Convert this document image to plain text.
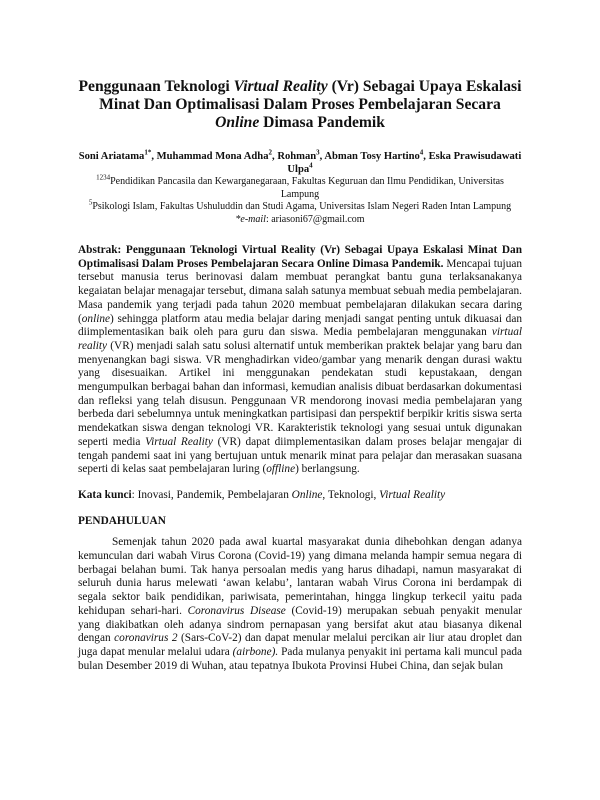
Penggunaan Teknologi Virtual Reality (Vr) Sebagai Upaya Eskalasi Minat Dan Optimalisasi Dalam Proses Pembelajaran Secara Online Dimasa Pandemik
Soni Ariatama$^{1*}$, Muhammad Mona Adha$^2$, Rohman$^3$, Abman Tosy Hartino$^4$, Eska Prawisudawati Ulpa$^4$
$^{1234}$Pendidikan Pancasila dan Kewarganegaraan, Fakultas Keguruan dan Ilmu Pendidikan, Universitas Lampung
$^5$Psikologi Islam, Fakultas Ushuluddin dan Studi Agama, Universitas Islam Negeri Raden Intan Lampung
*e-mail: ariasoni67@gmail.com

Abstrak: Penggunaan Teknologi Virtual Reality (Vr) Sebagai Upaya Eskalasi Minat Dan Optimalisasi Dalam Proses Pembelajaran Secara Online Dimasa Pandemik. Mencapai tujuan tersebut manusia terus berinovasi dalam membuat perangkat bantu guna terlaksanakanya kegaiatan belajar menagajar tersebut, dimana salah satunya membuat sebuah media pembelajaran. Masa pandemik yang terjadi pada tahun 2020 membuat pembelajaran dilakukan secara daring (online) sehingga platform atau media belajar daring menjadi sangat penting untuk dikuasai dan diimplementasikan baik oleh para guru dan siswa. Media pembelajaran menggunakan virtual reality (VR) menjadi salah satu solusi alternatif untuk memberikan praktek belajar yang baru dan menyenangkan bagi siswa. VR menghadirkan video/gambar yang menarik dengan durasi waktu yang disesuaikan. Artikel ini menggunakan pendekatan studi kepustakaan, dengan mengumpulkan berbagai bahan dan informasi, kemudian analisis dibuat berdasarkan dokumentasi dan refleksi yang telah disusun. Penggunaan VR mendorong inovasi media pembelajaran yang berbeda dari sebelumnya untuk meningkatkan partisipasi dan perspektif berpikir kritis siswa serta mendekatkan siswa dengan teknologi VR. Karakteristik teknologi yang sesuai untuk digunakan seperti media Virtual Reality (VR) dapat diimplementasikan dalam proses belajar mengajar di tengah pandemi saat ini yang bertujuan untuk menarik minat para pelajar dan merasakan suasana seperti di kelas saat pembelajaran luring (offline) berlangsung.

Kata kunci: Inovasi, Pandemik, Pembelajaran Online, Teknologi, Virtual Reality

PENDAHULUAN

Semenjak tahun 2020 pada awal kuartal masyarakat dunia dihebohkan dengan adanya kemunculan dari wabah Virus Corona (Covid-19) yang dimana melanda hampir semua negara di berbagai belahan bumi. Tak hanya persoalan medis yang harus dihadapi, namun masyarakat di seluruh dunia harus melewati ‘awan kelabu’, lantaran wabah Virus Corona ini berdampak di segala sektor baik pendidikan, pariwisata, pemerintahan, hingga lingkup terkecil yaitu pada kehidupan sehari-hari. Coronavirus Disease (Covid-19) merupakan sebuah penyakit menular yang diakibatkan oleh adanya sindrom pernapasan yang bersifat akut atau biasanya dikenal dengan coronavirus 2 (Sars-CoV-2) dan dapat menular melalui percikan air liur atau droplet dan juga dapat menular melalui udara (airbone). Pada mulanya penyakit ini pertama kali muncul pada bulan Desember 2019 di Wuhan, atau tepatnya Ibukota Provinsi Hubei China, dan sejak bulan
